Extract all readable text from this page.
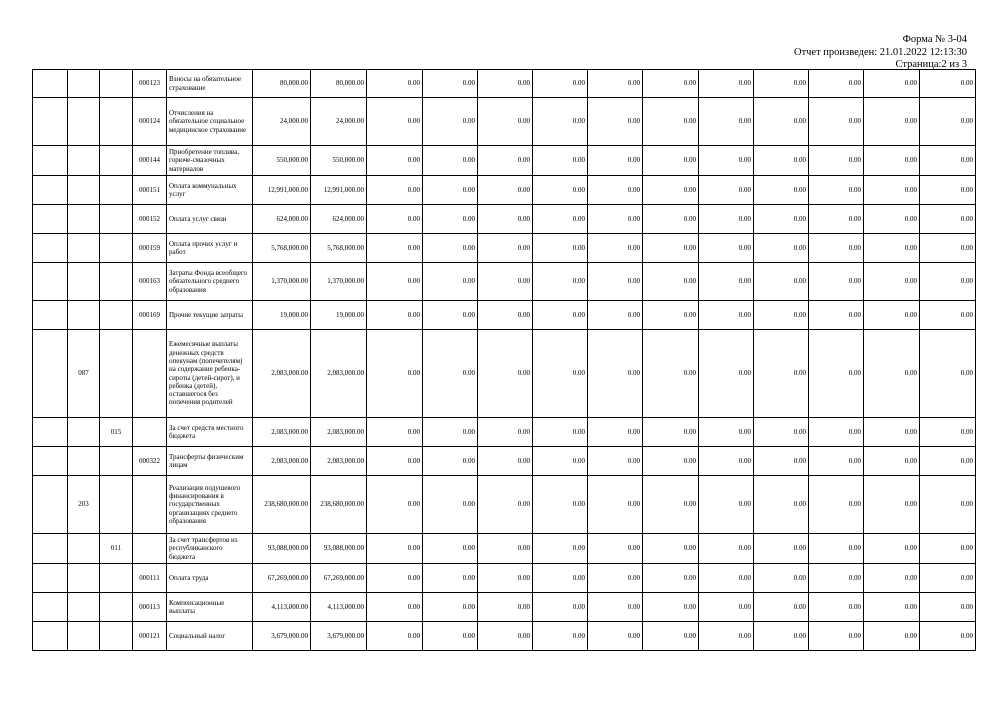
Форма № 3-04
Отчет произведен: 21.01.2022 12:13:30
Страница:2 из 3
			000123	Взносы на обязательное страхование	80,000.00	80,000.00	0.00	0.00	0.00	0.00	0.00	0.00	0.00	0.00	0.00	0.00	0.00
			000124	Отчисления на обязательное социальное медицинское страхование	24,000.00	24,000.00	0.00	0.00	0.00	0.00	0.00	0.00	0.00	0.00	0.00	0.00	0.00
			000144	Приобретение топлива, горюче-смазочных материалов	550,000.00	550,000.00	0.00	0.00	0.00	0.00	0.00	0.00	0.00	0.00	0.00	0.00	0.00
			000151	Оплата коммунальных услуг	12,991,000.00	12,991,000.00	0.00	0.00	0.00	0.00	0.00	0.00	0.00	0.00	0.00	0.00	0.00
			000152	Оплата услуг связи	624,000.00	624,000.00	0.00	0.00	0.00	0.00	0.00	0.00	0.00	0.00	0.00	0.00	0.00
			000159	Оплата прочих услуг и работ	5,768,000.00	5,768,000.00	0.00	0.00	0.00	0.00	0.00	0.00	0.00	0.00	0.00	0.00	0.00
			000163	Затраты Фонда всеобщего обязательного среднего образования	1,370,000.00	1,370,000.00	0.00	0.00	0.00	0.00	0.00	0.00	0.00	0.00	0.00	0.00	0.00
			000169	Прочие текущие затраты	19,000.00	19,000.00	0.00	0.00	0.00	0.00	0.00	0.00	0.00	0.00	0.00	0.00	0.00
	087			Ежемесячные выплаты денежных средств опекунам (попечителям) на содержание ребенка-сироты (детей-сирот), и ребенка (детей), оставшегося без попечения родителей	2,083,000.00	2,083,000.00	0.00	0.00	0.00	0.00	0.00	0.00	0.00	0.00	0.00	0.00	0.00
		015		За счет средств местного бюджета	2,083,000.00	2,083,000.00	0.00	0.00	0.00	0.00	0.00	0.00	0.00	0.00	0.00	0.00	0.00
			000322	Трансферты физическим лицам	2,083,000.00	2,083,000.00	0.00	0.00	0.00	0.00	0.00	0.00	0.00	0.00	0.00	0.00	0.00
	203			Реализация подушевого финансирования в государственных организациях среднего образования	238,680,000.00	238,680,000.00	0.00	0.00	0.00	0.00	0.00	0.00	0.00	0.00	0.00	0.00	0.00
		011		За счет трансфертов из республиканского бюджета	93,088,000.00	93,088,000.00	0.00	0.00	0.00	0.00	0.00	0.00	0.00	0.00	0.00	0.00	0.00
			000111	Оплата труда	67,269,000.00	67,269,000.00	0.00	0.00	0.00	0.00	0.00	0.00	0.00	0.00	0.00	0.00	0.00
			000113	Компенсационные выплаты	4,113,000.00	4,113,000.00	0.00	0.00	0.00	0.00	0.00	0.00	0.00	0.00	0.00	0.00	0.00
			000121	Социальный налог	3,679,000.00	3,679,000.00	0.00	0.00	0.00	0.00	0.00	0.00	0.00	0.00	0.00	0.00	0.00
